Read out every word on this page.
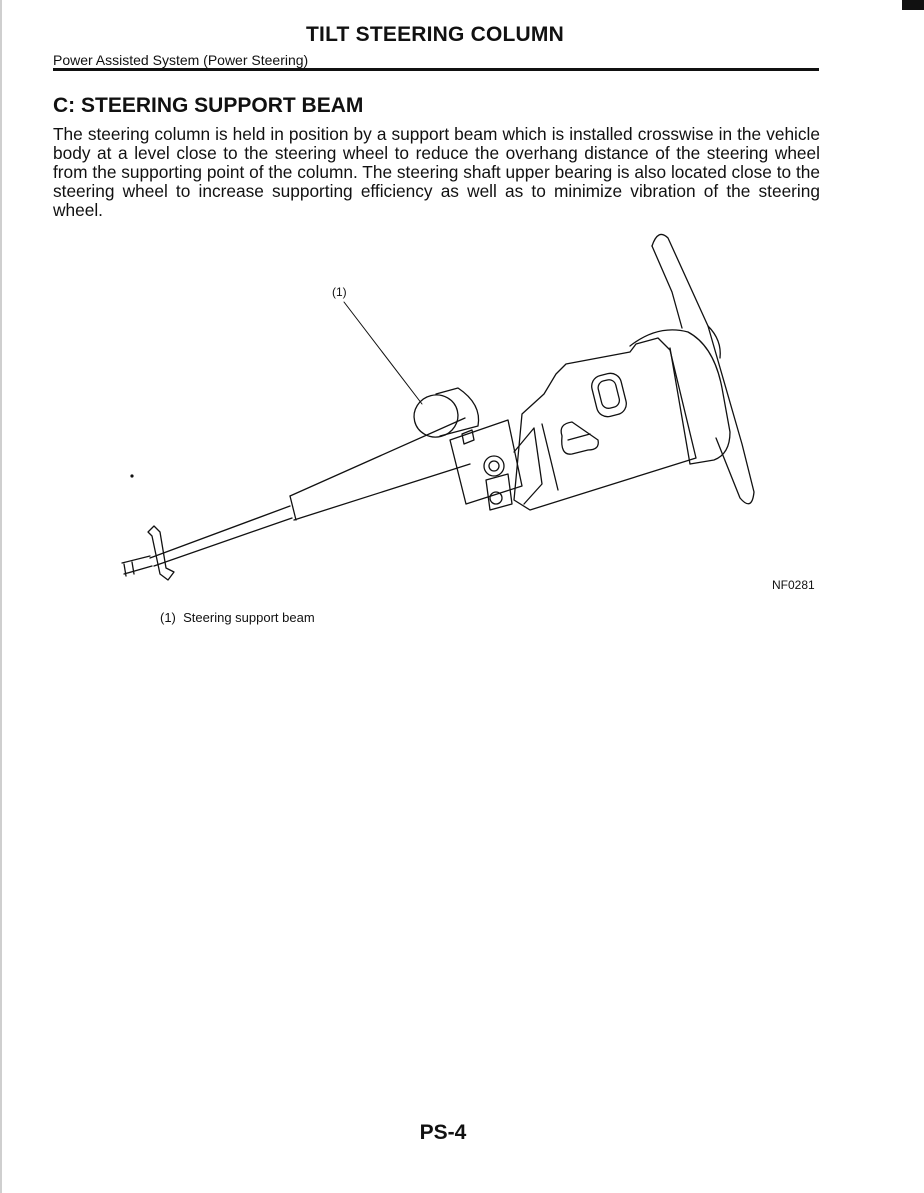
TILT STEERING COLUMN
Power Assisted System (Power Steering)
C: STEERING SUPPORT BEAM

The steering column is held in position by a support beam which is installed crosswise in the vehicle body at a level close to the steering wheel to reduce the overhang distance of the steering wheel from the supporting point of the column. The steering shaft upper bearing is also located close to the steering wheel to increase supporting efficiency as well as to minimize vibration of the steering wheel.

(1)
NF0281
(1) Steering support beam
PS-4
